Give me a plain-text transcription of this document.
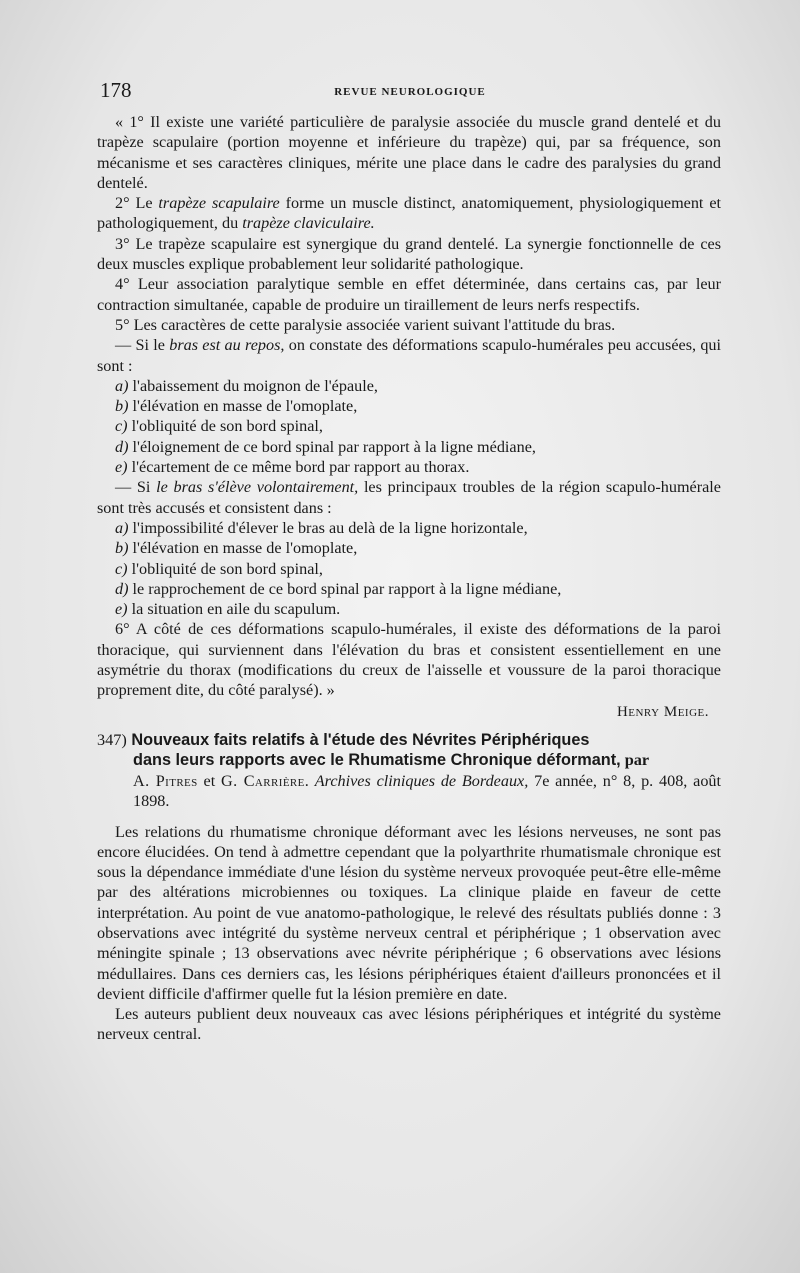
178	REVUE NEUROLOGIQUE

« 1° Il existe une variété particulière de paralysie associée du muscle grand dentelé et du trapèze scapulaire (portion moyenne et inférieure du trapèze) qui, par sa fréquence, son mécanisme et ses caractères cliniques, mérite une place dans le cadre des paralysies du grand dentelé.

2° Le trapèze scapulaire forme un muscle distinct, anatomiquement, physiologiquement et pathologiquement, du trapèze claviculaire.

3° Le trapèze scapulaire est synergique du grand dentelé. La synergie fonctionnelle de ces deux muscles explique probablement leur solidarité pathologique.

4° Leur association paralytique semble en effet déterminée, dans certains cas, par leur contraction simultanée, capable de produire un tiraillement de leurs nerfs respectifs.

5° Les caractères de cette paralysie associée varient suivant l'attitude du bras.

— Si le bras est au repos, on constate des déformations scapulo-humérales peu accusées, qui sont :

a) l'abaissement du moignon de l'épaule,

b) l'élévation en masse de l'omoplate,

c) l'obliquité de son bord spinal,

d) l'éloignement de ce bord spinal par rapport à la ligne médiane,

e) l'écartement de ce même bord par rapport au thorax.

— Si le bras s'élève volontairement, les principaux troubles de la région scapulo-humérale sont très accusés et consistent dans :

a) l'impossibilité d'élever le bras au delà de la ligne horizontale,

b) l'élévation en masse de l'omoplate,

c) l'obliquité de son bord spinal,

d) le rapprochement de ce bord spinal par rapport à la ligne médiane,

e) la situation en aile du scapulum.

6° A côté de ces déformations scapulo-humérales, il existe des déformations de la paroi thoracique, qui surviennent dans l'élévation du bras et consistent essentiellement en une asymétrie du thorax (modifications du creux de l'aisselle et voussure de la paroi thoracique proprement dite, du côté paralysé). »

Henry Meige.

347) Nouveaux faits relatifs à l'étude des Névrites Périphériques
dans leurs rapports avec le Rhumatisme Chronique déformant, par

A. Pitres et G. Carrière. Archives cliniques de Bordeaux, 7e année, n° 8, p. 408, août 1898.

Les relations du rhumatisme chronique déformant avec les lésions nerveuses, ne sont pas encore élucidées. On tend à admettre cependant que la polyarthrite rhumatismale chronique est sous la dépendance immédiate d'une lésion du système nerveux provoquée peut-être elle-même par des altérations microbiennes ou toxiques. La clinique plaide en faveur de cette interprétation. Au point de vue anatomo-pathologique, le relevé des résultats publiés donne : 3 observations avec intégrité du système nerveux central et périphérique ; 1 observation avec méningite spinale ; 13 observations avec névrite périphérique ; 6 observations avec lésions médullaires. Dans ces derniers cas, les lésions périphériques étaient d'ailleurs prononcées et il devient difficile d'affirmer quelle fut la lésion première en date.

Les auteurs publient deux nouveaux cas avec lésions périphériques et intégrité du système nerveux central.
